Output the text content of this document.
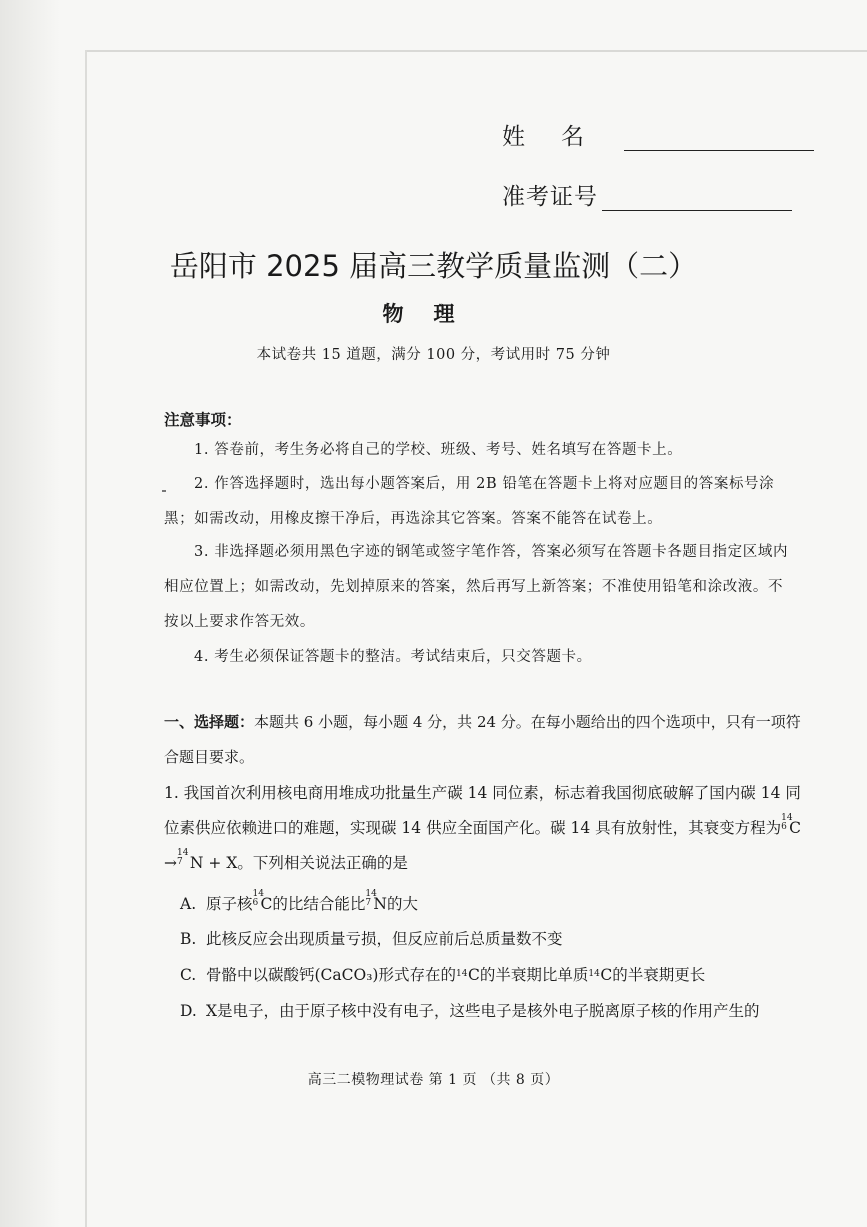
姓名
准考证号
岳阳市 2025 届高三教学质量监测（二）
物理
本试卷共 15 道题，满分 100 分，考试用时 75 分钟
注意事项：
1. 答卷前，考生务必将自己的学校、班级、考号、姓名填写在答题卡上。
2. 作答选择题时，选出每小题答案后，用 2B 铅笔在答题卡上将对应题目的答案标号涂黑；如需改动，用橡皮擦干净后，再选涂其它答案。答案不能答在试卷上。
3. 非选择题必须用黑色字迹的钢笔或签字笔作答，答案必须写在答题卡各题目指定区域内相应位置上；如需改动，先划掉原来的答案，然后再写上新答案；不准使用铅笔和涂改液。不按以上要求作答无效。
4. 考生必须保证答题卡的整洁。考试结束后，只交答题卡。
一、选择题：本题共 6 小题，每小题 4 分，共 24 分。在每小题给出的四个选项中，只有一项符合题目要求。
1. 我国首次利用核电商用堆成功批量生产碳 14 同位素，标志着我国彻底破解了国内碳 14 同位素供应依赖进口的难题，实现碳 14 供应全面国产化。碳 14 具有放射性，其衰变方程为
14
6 C →
14
7 N + X。下列相关说法正确的是
A. 原子核
14
6 C的比结合能比
14
7 N的大
B. 此核反应会出现质量亏损，但反应前后总质量数不变
C. 骨骼中以碳酸钙(CaCO₃)形式存在的 14 C的半衰期比单质 14 C的半衰期更长
D. X是电子，由于原子核中没有电子，这些电子是核外电子脱离原子核的作用产生的
高三二模物理试卷 第 1 页 （共 8 页）
